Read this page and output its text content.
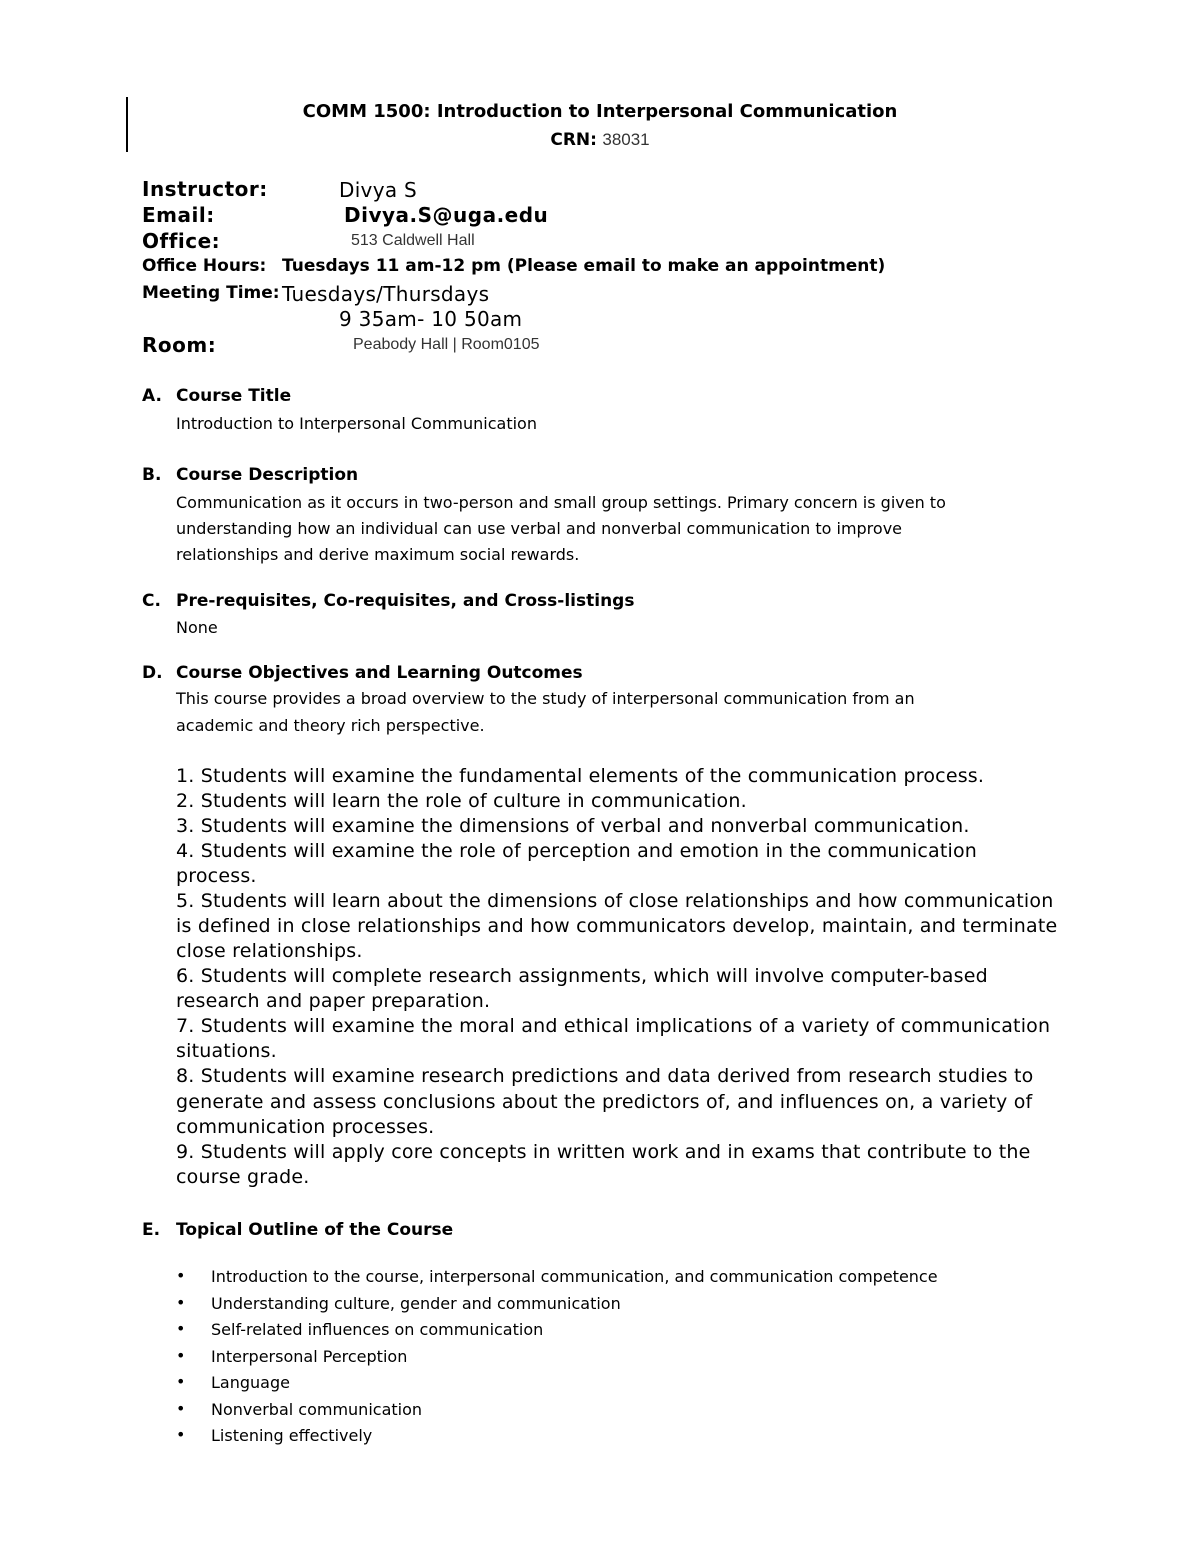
COMM 1500: Introduction to Interpersonal Communication
CRN: 38031
Instructor:	Divya S
Email:	Divya.S@uga.edu
Office:	513 Caldwell Hall
Office Hours: Tuesdays 11 am-12 pm (Please email to make an appointment)
Meeting Time: Tuesdays/Thursdays
9 35am- 10 50am
Room:	Peabody Hall | Room0105
A. Course Title
Introduction to Interpersonal Communication
B. Course Description
Communication as it occurs in two-person and small group settings. Primary concern is given to
understanding how an individual can use verbal and nonverbal communication to improve
relationships and derive maximum social rewards.
C. Pre-requisites, Co-requisites, and Cross-listings
None
D. Course Objectives and Learning Outcomes
This course provides a broad overview to the study of interpersonal communication from an
academic and theory rich perspective.
1. Students will examine the fundamental elements of the communication process.
2. Students will learn the role of culture in communication.
3. Students will examine the dimensions of verbal and nonverbal communication.
4. Students will examine the role of perception and emotion in the communication
process.
5. Students will learn about the dimensions of close relationships and how communication
is defined in close relationships and how communicators develop, maintain, and terminate
close relationships.
6. Students will complete research assignments, which will involve computer-based
research and paper preparation.
7. Students will examine the moral and ethical implications of a variety of communication
situations.
8. Students will examine research predictions and data derived from research studies to
generate and assess conclusions about the predictors of, and influences on, a variety of
communication processes.
9. Students will apply core concepts in written work and in exams that contribute to the
course grade.
E. Topical Outline of the Course
• Introduction to the course, interpersonal communication, and communication competence
• Understanding culture, gender and communication
• Self-related influences on communication
• Interpersonal Perception
• Language
• Nonverbal communication
• Listening effectively
